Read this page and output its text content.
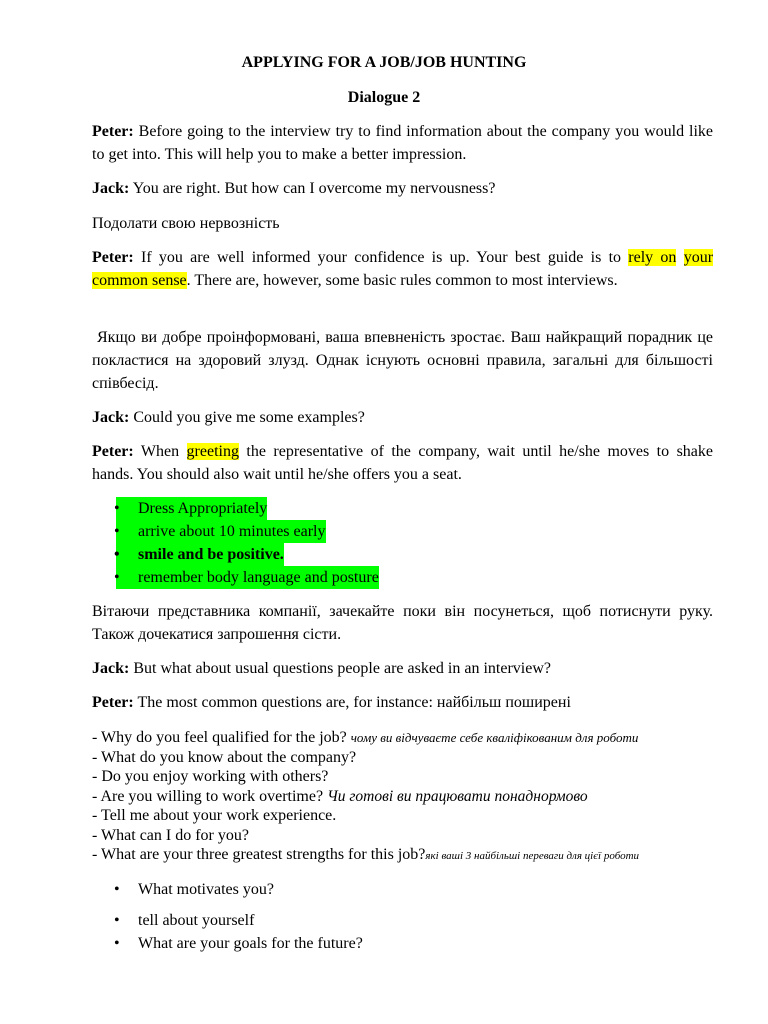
APPLYING FOR A JOB/JOB HUNTING
Dialogue 2
Peter: Before going to the interview try to find information about the company you would like to get into. This will help you to make a better impression.
Jack: You are right. But how can I overcome my nervousness?
Подолати свою нервозність
Peter: If you are well informed your confidence is up. Your best guide is to rely on your common sense. There are, however, some basic rules common to most interviews.
Якщо ви добре проінформовані, ваша впевненість зростає. Ваш найкращий порадник це покластися на здоровий злузд. Однак існують основні правила, загальні для більшості співбесід.
Jack: Could you give me some examples?
Peter: When greeting the representative of the company, wait until he/she moves to shake hands. You should also wait until he/she offers you a seat.
• Dress Appropriately
• arrive about 10 minutes early
• smile and be positive.
• remember body language and posture
Вітаючи представника компанії, зачекайте поки він посунеться, щоб потиснути руку. Також дочекатися запрошення сісти.
Jack: But what about usual questions people are asked in an interview?
Peter: The most common questions are, for instance: найбільш поширені
- Why do you feel qualified for the job? чому ви відчуваєте себе кваліфікованим для роботи
- What do you know about the company?
- Do you enjoy working with others?
- Are you willing to work overtime? Чи готові ви працювати понаднормово
- Tell me about your work experience.
- What can I do for you?
- What are your three greatest strengths for this job?які ваші 3 найбільші переваги для цієї роботи
• What motivates you?
• tell about yourself
• What are your goals for the future?
